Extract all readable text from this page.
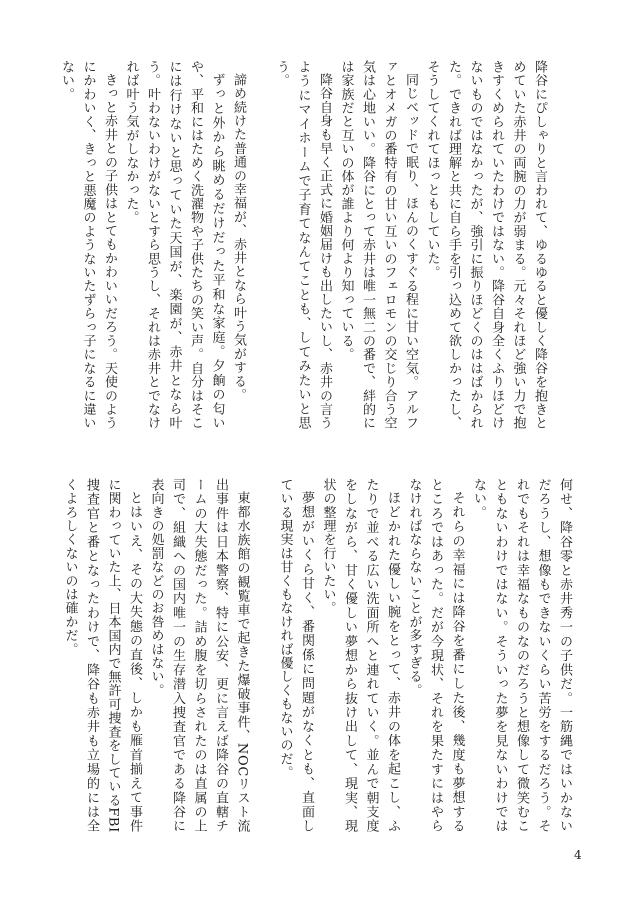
降谷にぴしゃりと言われて、ゆるゆると優しく降谷を抱きとめていた赤井の両腕の力が弱まる。元々それほど強い力で抱きすくめられていたわけではない。降谷自身全くふりほどけないものではなかったが、強引に振りほどくのははばかられた。できれば理解と共に自ら手を引っ込めて欲しかったし、そうしてくれてほっともしていた。

同じベッドで眠り、ほんのくすぐる程に甘い空気。アルファとオメガの番特有の甘い互いのフェロモンの交じり合う空気は心地いい。降谷にとって赤井は唯一無二の番で、絆的には家族だと互いの体が誰より何より知っている。

降谷自身も早く正式に婚姻届けも出したいし、赤井の言うようにマイホームで子育てなんてことも、してみたいと思う。

諦め続けた普通の幸福が、赤井となら叶う気がする。

ずっと外から眺めるだけだった平和な家庭。夕餉の匂いや、平和にはためく洗濯物や子供たちの笑い声。自分はそこには行けないと思っていた天国が、楽園が、赤井となら叶う。叶わないわけがないとすら思うし、それは赤井とでなければ叶う気がしなかった。

きっと赤井との子供はとてもかわいいだろう。天使のようにかわいく、きっと悪魔のようないたずらっ子になるに違いない。

何せ、降谷零と赤井秀一の子供だ。一筋縄ではいかないだろうし、想像もできないくらい苦労をするだろう。それでもそれは幸福なものなのだろうと想像して微笑むこともないわけではない。そういった夢を見ないわけではない。

それらの幸福には降谷を番にした後、幾度も夢想するところではあった。だが今現状、それを果たすにはやらなければならないことが多すぎる。

ほどかれた優しい腕をとって、赤井の体を起こし、ふたりで並べる広い洗面所へと連れていく。並んで朝支度をしながら、甘く優しい夢想から抜け出して、現実、現状の整理を行いたい。

夢想がいくら甘く、番関係に問題がなくとも、直面している現実は甘くもなければ優しくもないのだ。

東都水族館の観覧車で起きた爆破事件、NOCリスト流出事件は日本警察、特に公安、更に言えば降谷の直轄チームの大失態だった。詰め腹を切らされたのは直属の上司で、組織への国内唯一の生存潜入捜査官である降谷に表向きの処罰などのお咎めはない。

とはいえ、その大失態の直後、しかも雁首揃えて事件に関わっていた上、日本国内で無許可捜査をしているFBI捜査官と番となったわけで、降谷も赤井も立場的には全くよろしくないのは確かだ。

4
